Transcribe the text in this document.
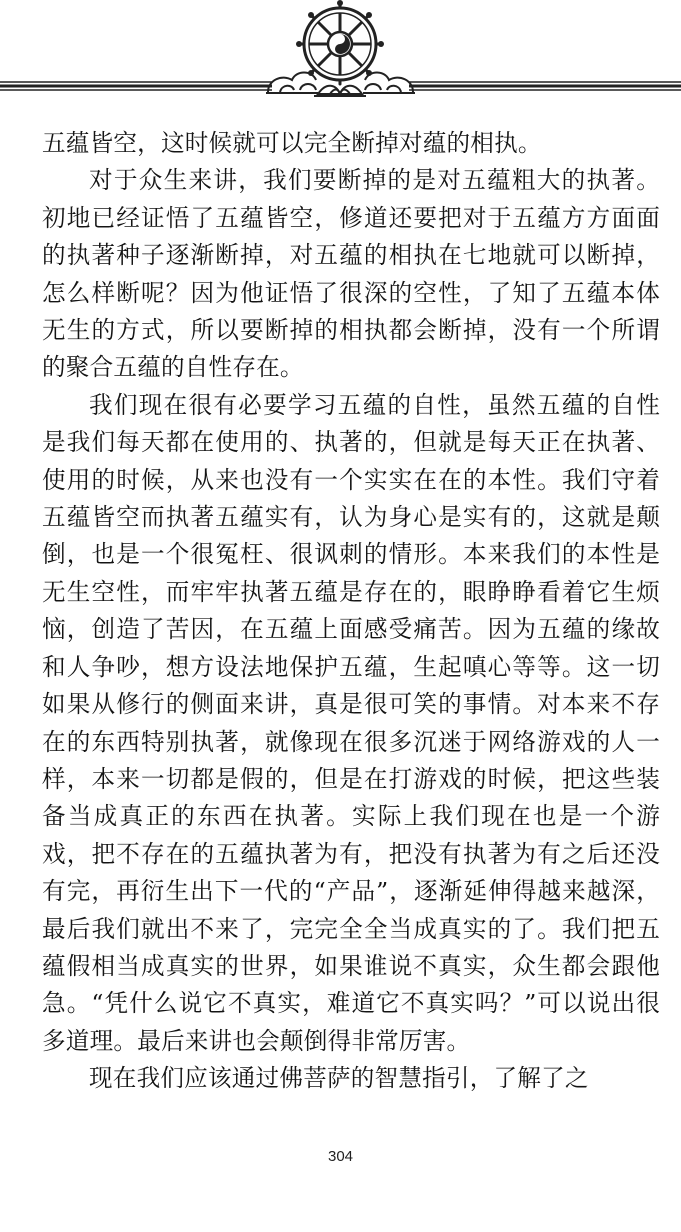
五蕴皆空，这时候就可以完全断掉对蕴的相执。

对于众生来讲，我们要断掉的是对五蕴粗大的执著。初地已经证悟了五蕴皆空，修道还要把对于五蕴方方面面的执著种子逐渐断掉，对五蕴的相执在七地就可以断掉，怎么样断呢？因为他证悟了很深的空性，了知了五蕴本体无生的方式，所以要断掉的相执都会断掉，没有一个所谓的聚合五蕴的自性存在。

我们现在很有必要学习五蕴的自性，虽然五蕴的自性是我们每天都在使用的、执著的，但就是每天正在执著、使用的时候，从来也没有一个实实在在的本性。我们守着五蕴皆空而执著五蕴实有，认为身心是实有的，这就是颠倒，也是一个很冤枉、很讽刺的情形。本来我们的本性是无生空性，而牢牢执著五蕴是存在的，眼睁睁看着它生烦恼，创造了苦因，在五蕴上面感受痛苦。因为五蕴的缘故和人争吵，想方设法地保护五蕴，生起嗔心等等。这一切如果从修行的侧面来讲，真是很可笑的事情。对本来不存在的东西特别执著，就像现在很多沉迷于网络游戏的人一样，本来一切都是假的，但是在打游戏的时候，把这些装备当成真正的东西在执著。实际上我们现在也是一个游戏，把不存在的五蕴执著为有，把没有执著为有之后还没有完，再衍生出下一代的“产品”，逐渐延伸得越来越深，最后我们就出不来了，完完全全当成真实的了。我们把五蕴假相当成真实的世界，如果谁说不真实，众生都会跟他急。“凭什么说它不真实，难道它不真实吗？”可以说出很多道理。最后来讲也会颠倒得非常厉害。

现在我们应该通过佛菩萨的智慧指引，了解了之

304
